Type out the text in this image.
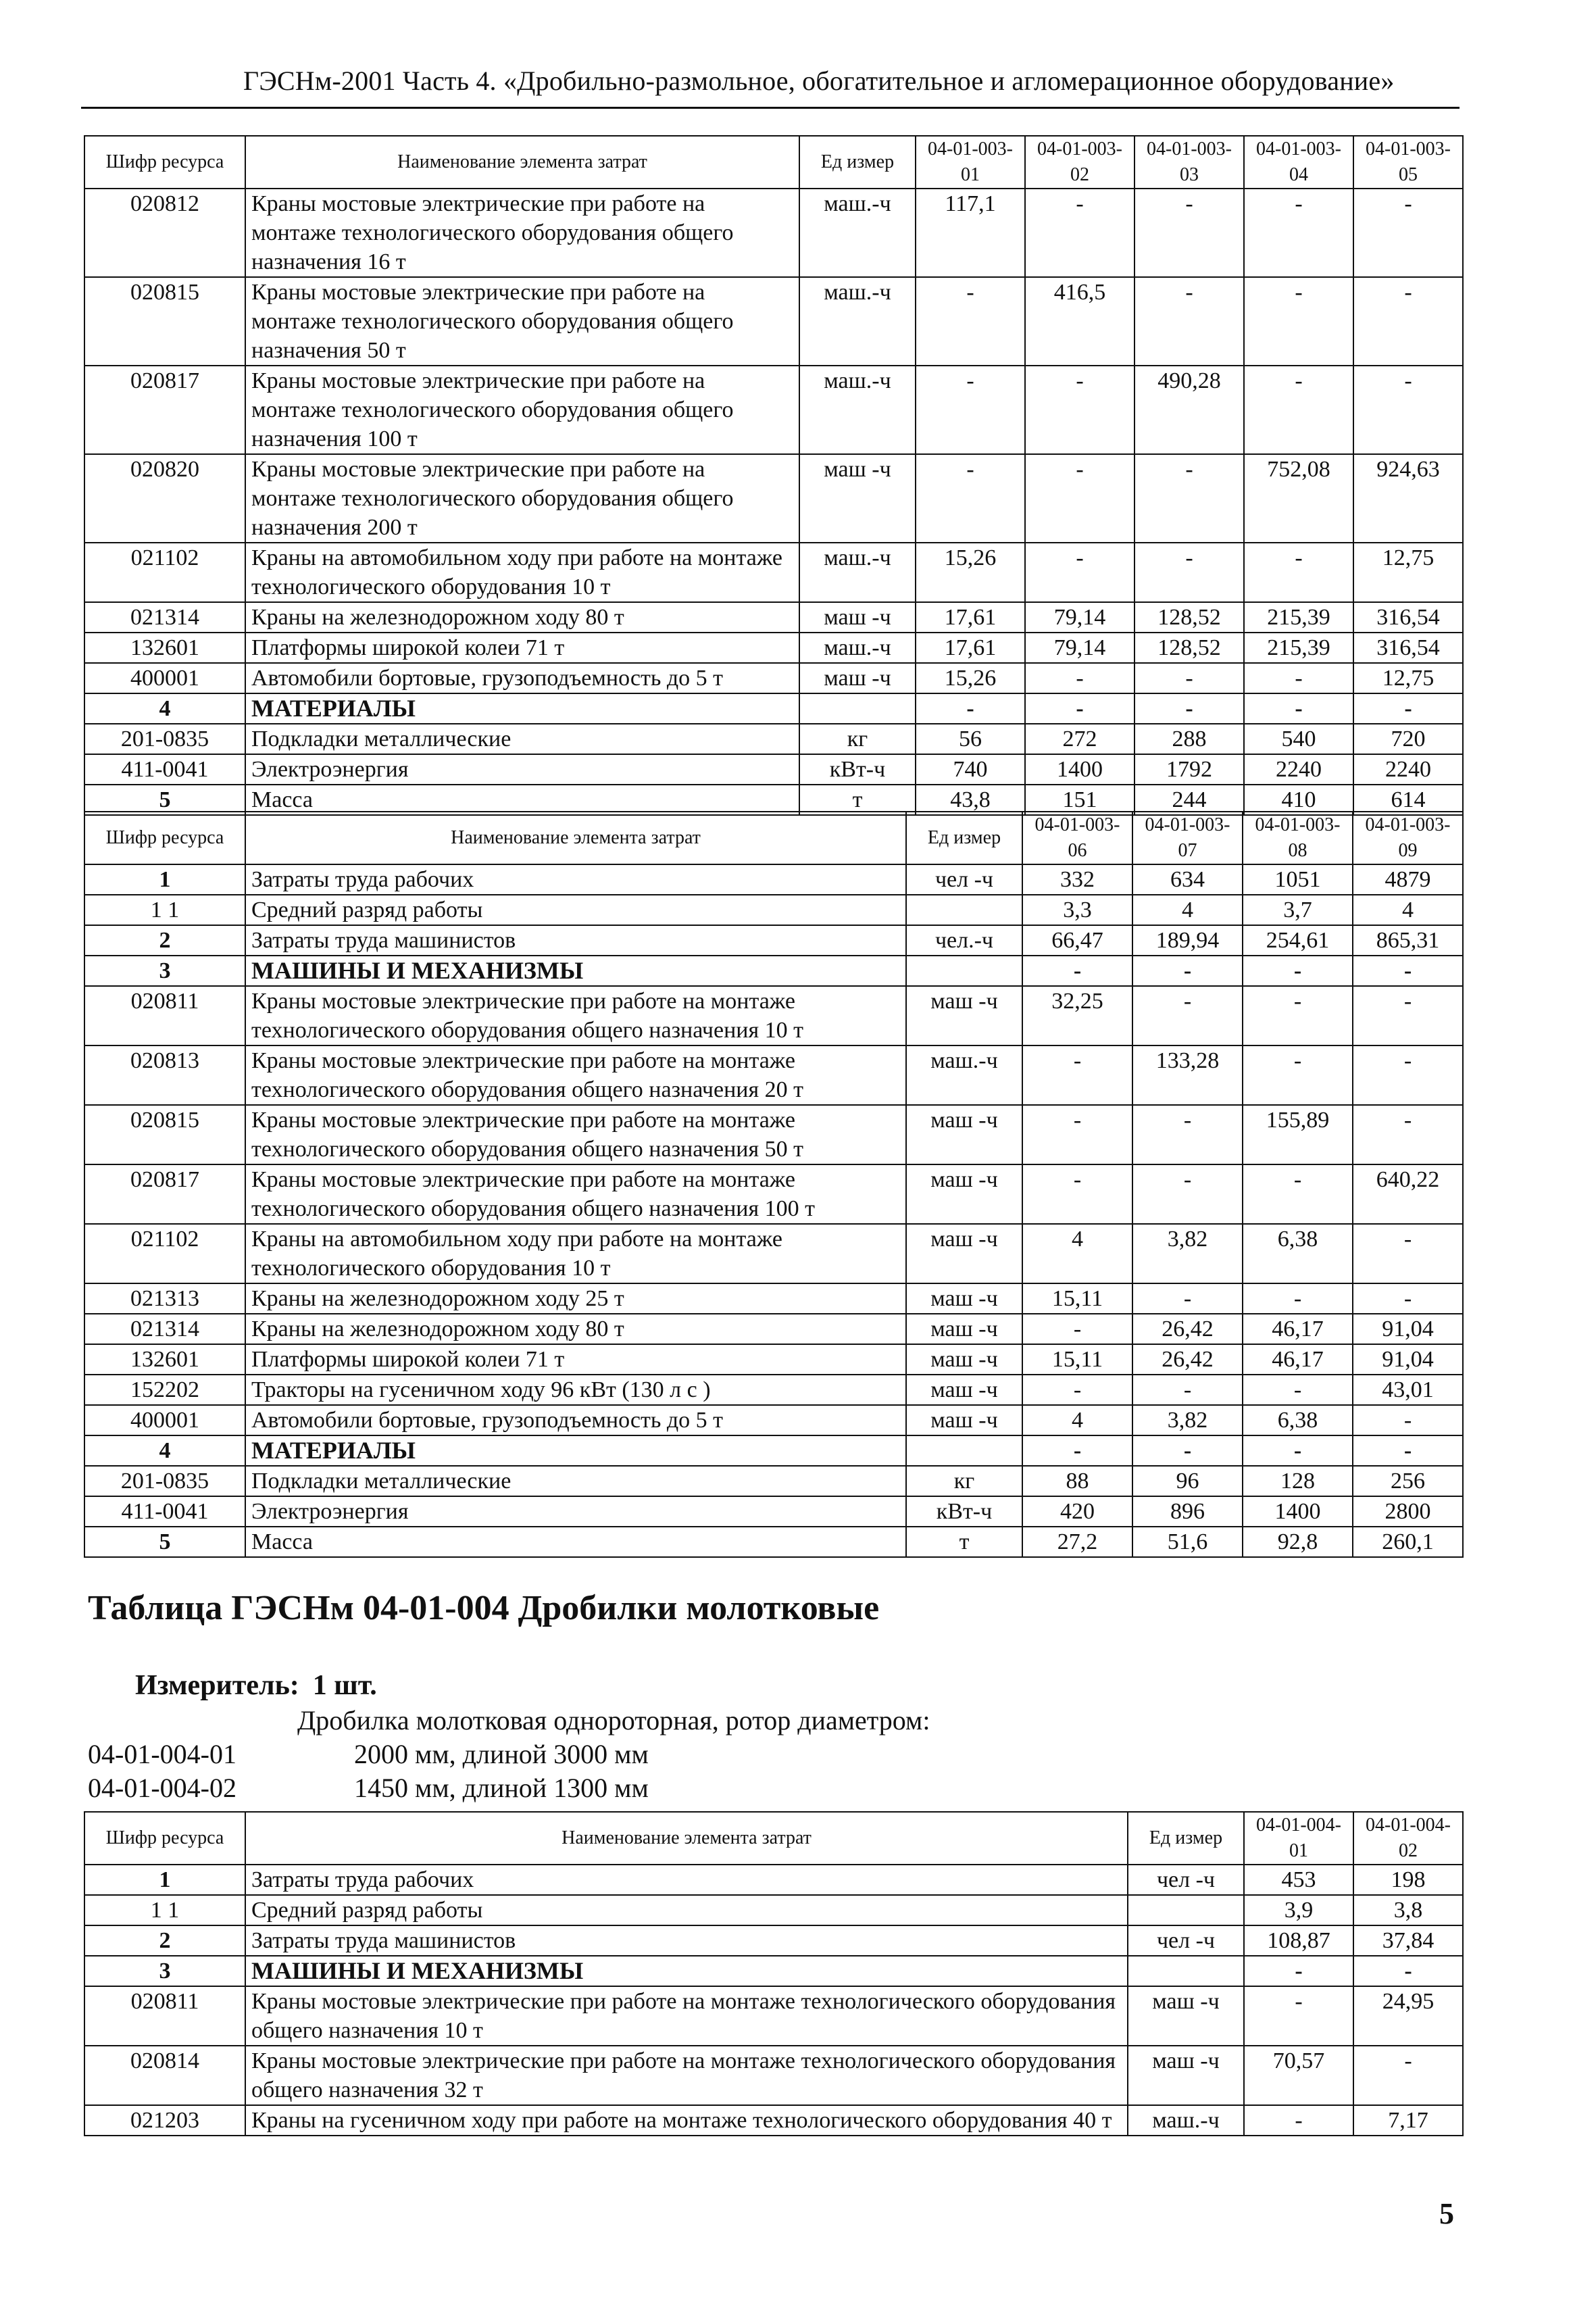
ГЭСНм-2001 Часть 4. «Дробильно-размольное, обогатительное и агломерационное оборудование»
Шифр ресурса	Наименование элемента затрат	Ед измер	04-01-003-01	04-01-003-02	04-01-003-03	04-01-003-04	04-01-003-05
020812	Краны мостовые электрические при работе на монтаже технологического оборудования общего назначения 16 т	маш.-ч	117,1	-	-	-	-
020815	Краны мостовые электрические при работе на монтаже технологического оборудования общего назначения 50 т	маш.-ч	-	416,5	-	-	-
020817	Краны мостовые электрические при работе на монтаже технологического оборудования общего назначения 100 т	маш.-ч	-	-	490,28	-	-
020820	Краны мостовые электрические при работе на монтаже технологического оборудования общего назначения 200 т	маш -ч	-	-	-	752,08	924,63
021102	Краны на автомобильном ходу при работе на монтаже технологического оборудования 10 т	маш.-ч	15,26	-	-	-	12,75
021314	Краны на железнодорожном ходу 80 т	маш -ч	17,61	79,14	128,52	215,39	316,54
132601	Платформы широкой колеи 71 т	маш.-ч	17,61	79,14	128,52	215,39	316,54
400001	Автомобили бортовые, грузоподъемность до 5 т	маш -ч	15,26	-	-	-	12,75
4	МАТЕРИАЛЫ		-	-	-	-	-
201-0835	Подкладки металлические	кг	56	272	288	540	720
411-0041	Электроэнергия	кВт-ч	740	1400	1792	2240	2240
5	Масса	т	43,8	151	244	410	614
Шифр ресурса	Наименование элемента затрат	Ед измер	04-01-003-06	04-01-003-07	04-01-003-08	04-01-003-09
1	Затраты труда рабочих	чел -ч	332	634	1051	4879
1 1	Средний разряд работы		3,3	4	3,7	4
2	Затраты труда машинистов	чел.-ч	66,47	189,94	254,61	865,31
3	МАШИНЫ И МЕХАНИЗМЫ		-	-	-	-
020811	Краны мостовые электрические при работе на монтаже технологического оборудования общего назначения 10 т	маш -ч	32,25	-	-	-
020813	Краны мостовые электрические при работе на монтаже технологического оборудования общего назначения 20 т	маш.-ч	-	133,28	-	-
020815	Краны мостовые электрические при работе на монтаже технологического оборудования общего назначения 50 т	маш -ч	-	-	155,89	-
020817	Краны мостовые электрические при работе на монтаже технологического оборудования общего назначения 100 т	маш -ч	-	-	-	640,22
021102	Краны на автомобильном ходу при работе на монтаже технологического оборудования 10 т	маш -ч	4	3,82	6,38	-
021313	Краны на железнодорожном ходу 25 т	маш -ч	15,11	-	-	-
021314	Краны на железнодорожном ходу 80 т	маш -ч	-	26,42	46,17	91,04
132601	Платформы широкой колеи 71 т	маш -ч	15,11	26,42	46,17	91,04
152202	Тракторы на гусеничном ходу 96 кВт (130 л с )	маш -ч	-	-	-	43,01
400001	Автомобили бортовые, грузоподъемность до 5 т	маш -ч	4	3,82	6,38	-
4	МАТЕРИАЛЫ		-	-	-	-
201-0835	Подкладки металлические	кг	88	96	128	256
411-0041	Электроэнергия	кВт-ч	420	896	1400	2800
5	Масса	т	27,2	51,6	92,8	260,1
Таблица ГЭСНм 04-01-004 Дробилки молотковые
Измеритель: 1 шт.
Дробилка молотковая однороторная, ротор диаметром:
04-01-004-01	2000 мм, длиной 3000 мм
04-01-004-02	1450 мм, длиной 1300 мм
Шифр ресурса	Наименование элемента затрат	Ед измер	04-01-004-01	04-01-004-02
1	Затраты труда рабочих	чел -ч	453	198
1 1	Средний разряд работы		3,9	3,8
2	Затраты труда машинистов	чел -ч	108,87	37,84
3	МАШИНЫ И МЕХАНИЗМЫ		-	-
020811	Краны мостовые электрические при работе на монтаже технологического оборудования общего назначения 10 т	маш -ч	-	24,95
020814	Краны мостовые электрические при работе на монтаже технологического оборудования общего назначения 32 т	маш -ч	70,57	-
021203	Краны на гусеничном ходу при работе на монтаже технологического оборудования 40 т	маш.-ч	-	7,17
5
